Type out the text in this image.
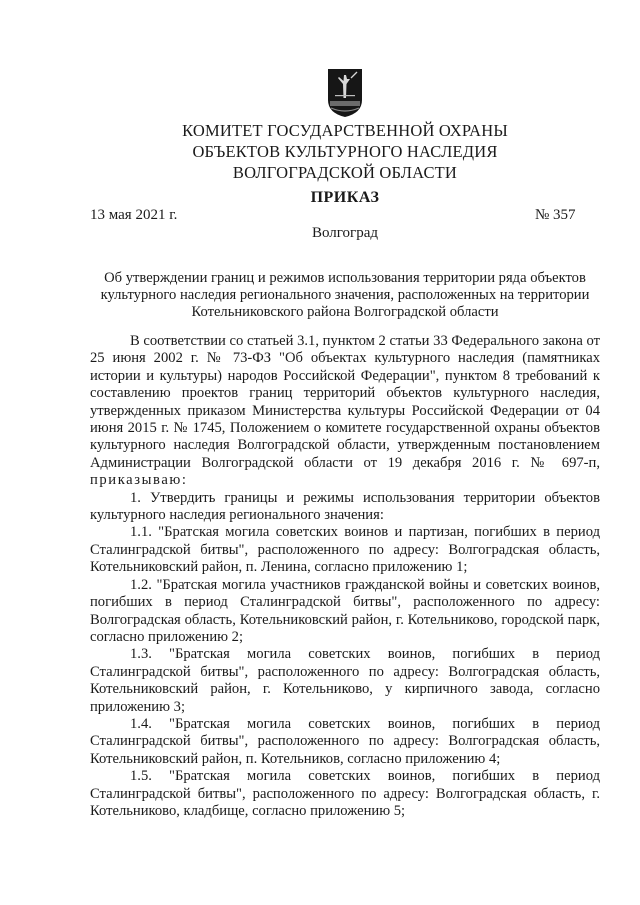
КОМИТЕТ ГОСУДАРСТВЕННОЙ ОХРАНЫ
ОБЪЕКТОВ КУЛЬТУРНОГО НАСЛЕДИЯ
ВОЛГОГРАДСКОЙ ОБЛАСТИ
ПРИКАЗ
13 мая 2021 г.	№ 357
Волгоград
Об утверждении границ и режимов использования территории ряда объектов
культурного наследия регионального значения, расположенных на территории
Котельниковского района Волгоградской области

В соответствии со статьей 3.1, пунктом 2 статьи 33 Федерального закона от 25 июня 2002 г. № 73-ФЗ "Об объектах культурного наследия (памятниках истории и культуры) народов Российской Федерации", пунктом 8 требований к составлению проектов границ территорий объектов культурного наследия, утвержденных приказом Министерства культуры Российской Федерации от 04 июня 2015 г. № 1745, Положением о комитете государственной охраны объектов культурного наследия Волгоградской области, утвержденным постановлением Администрации Волгоградской области от 19 декабря 2016 г. № 697-п, приказываю:

1. Утвердить границы и режимы использования территории объектов культурного наследия регионального значения:

1.1. "Братская могила советских воинов и партизан, погибших в период Сталинградской битвы", расположенного по адресу: Волгоградская область, Котельниковский район, п. Ленина, согласно приложению 1;

1.2. "Братская могила участников гражданской войны и советских воинов, погибших в период Сталинградской битвы", расположенного по адресу: Волгоградская область, Котельниковский район, г. Котельниково, городской парк, согласно приложению 2;

1.3. "Братская могила советских воинов, погибших в период Сталинградской битвы", расположенного по адресу: Волгоградская область, Котельниковский район, г. Котельниково, у кирпичного завода, согласно приложению 3;

1.4. "Братская могила советских воинов, погибших в период Сталинградской битвы", расположенного по адресу: Волгоградская область, Котельниковский район, п. Котельников, согласно приложению 4;

1.5. "Братская могила советских воинов, погибших в период Сталинградской битвы", расположенного по адресу: Волгоградская область, г. Котельниково, кладбище, согласно приложению 5;
